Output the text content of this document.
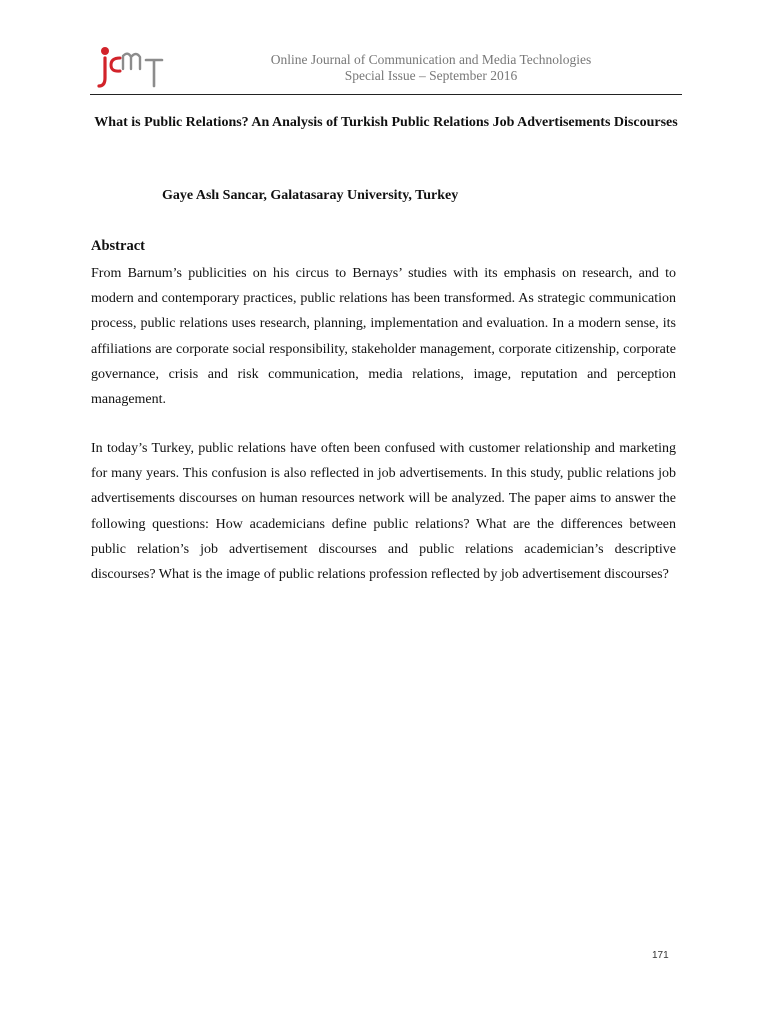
Online Journal of Communication and Media Technologies
Special Issue – September 2016
What is Public Relations? An Analysis of Turkish Public Relations Job Advertisements Discourses

Gaye Aslı Sancar, Galatasaray University, Turkey

Abstract

From Barnum’s publicities on his circus to Bernays’ studies with its emphasis on research, and to modern and contemporary practices, public relations has been transformed. As strategic communication process, public relations uses research, planning, implementation and evaluation. In a modern sense, its affiliations are corporate social responsibility, stakeholder management, corporate citizenship, corporate governance, crisis and risk communication, media relations, image, reputation and perception management.

In today’s Turkey, public relations have often been confused with customer relationship and marketing for many years. This confusion is also reflected in job advertisements. In this study, public relations job advertisements discourses on human resources network will be analyzed. The paper aims to answer the following questions: How academicians define public relations? What are the differences between public relation’s job advertisement discourses and public relations academician’s descriptive discourses? What is the image of public relations profession reflected by job advertisement discourses?

171
